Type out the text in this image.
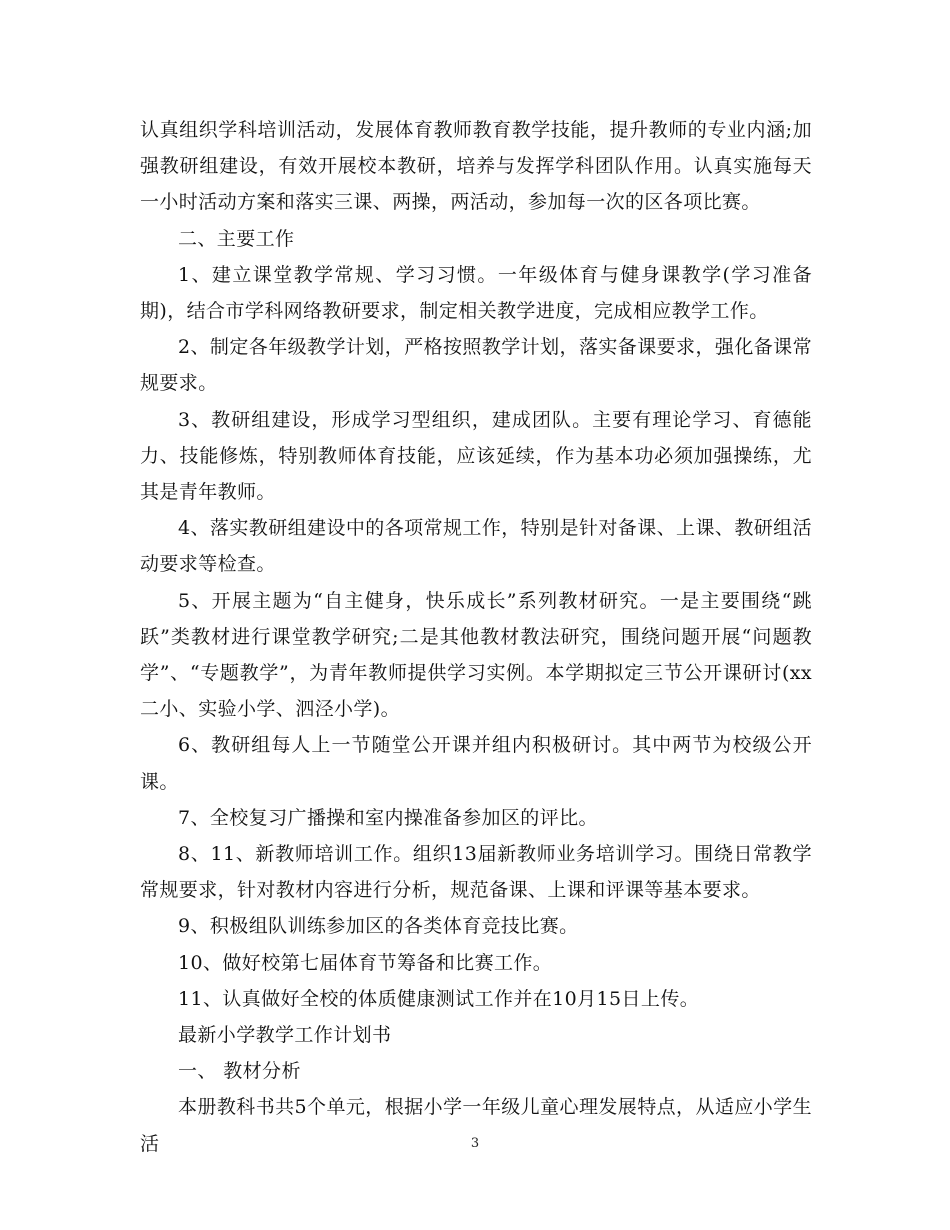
认真组织学科培训活动，发展体育教师教育教学技能，提升教师的专业内涵;加强教研组建设，有效开展校本教研，培养与发挥学科团队作用。认真实施每天一小时活动方案和落实三课、两操，两活动，参加每一次的区各项比赛。

二、主要工作

1、建立课堂教学常规、学习习惯。一年级体育与健身课教学(学习准备期)，结合市学科网络教研要求，制定相关教学进度，完成相应教学工作。

2、制定各年级教学计划，严格按照教学计划，落实备课要求，强化备课常规要求。

3、教研组建设，形成学习型组织，建成团队。主要有理论学习、育德能力、技能修炼，特别教师体育技能，应该延续，作为基本功必须加强操练，尤其是青年教师。

4、落实教研组建设中的各项常规工作，特别是针对备课、上课、教研组活动要求等检查。

5、开展主题为“自主健身，快乐成长”系列教材研究。一是主要围绕“跳跃”类教材进行课堂教学研究;二是其他教材教法研究，围绕问题开展“问题教学”、“专题教学”，为青年教师提供学习实例。本学期拟定三节公开课研讨(xx二小、实验小学、泗泾小学)。

6、教研组每人上一节随堂公开课并组内积极研讨。其中两节为校级公开课。

7、全校复习广播操和室内操准备参加区的评比。

8、11、新教师培训工作。组织13届新教师业务培训学习。围绕日常教学常规要求，针对教材内容进行分析，规范备课、上课和评课等基本要求。

9、积极组队训练参加区的各类体育竞技比赛。

10、做好校第七届体育节筹备和比赛工作。

11、认真做好全校的体质健康测试工作并在10月15日上传。

最新小学教学工作计划书

一、 教材分析

本册教科书共5个单元，根据小学一年级儿童心理发展特点，从适应小学生活	3
